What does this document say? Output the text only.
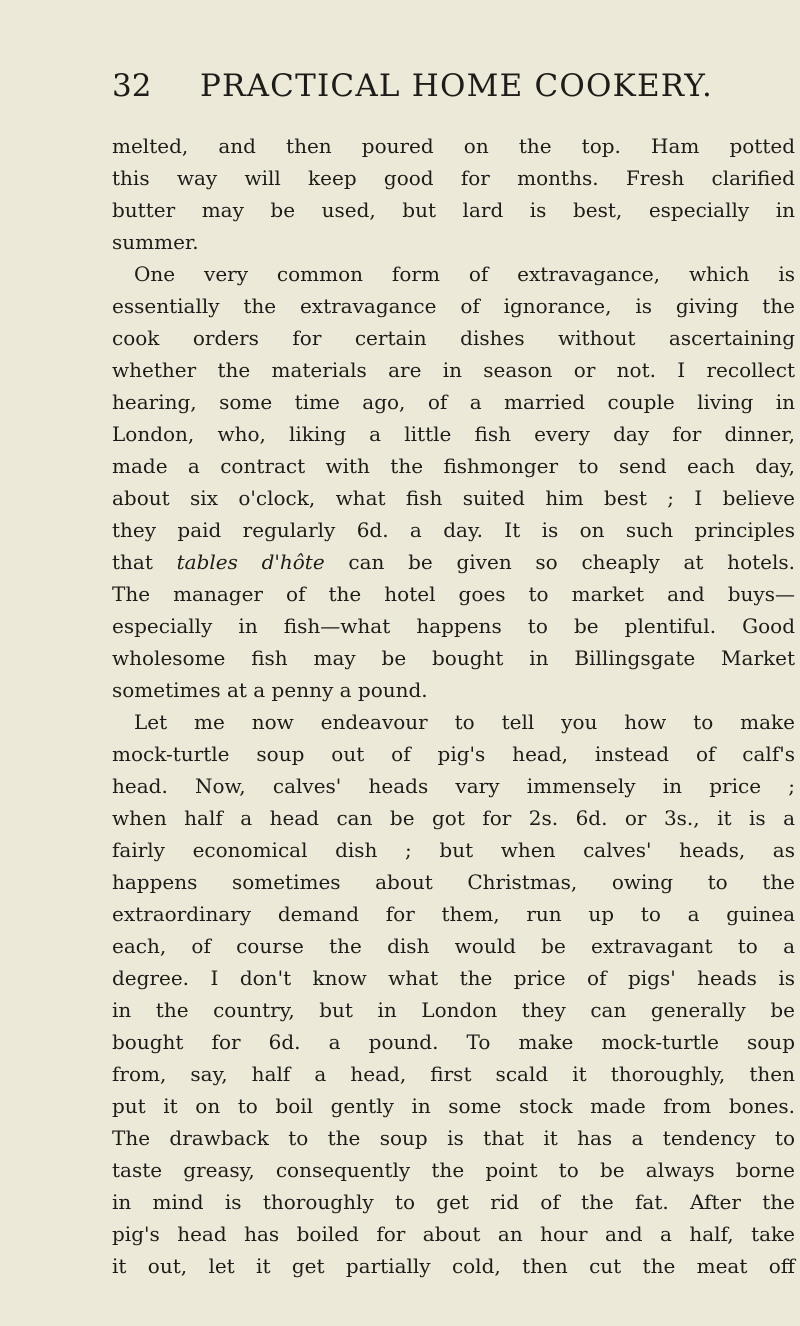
32 PRACTICAL HOME COOKERY.
melted, and then poured on the top. Ham potted
this way will keep good for months. Fresh clarified
butter may be used, but lard is best, especially in
summer.
One very common form of extravagance, which is
essentially the extravagance of ignorance, is giving the
cook orders for certain dishes without ascertaining
whether the materials are in season or not. I recollect
hearing, some time ago, of a married couple living in
London, who, liking a little fish every day for dinner,
made a contract with the fishmonger to send each day,
about six o'clock, what fish suited him best ; I believe
they paid regularly 6d. a day. It is on such principles
that tables d'hôte can be given so cheaply at hotels.
The manager of the hotel goes to market and buys—
especially in fish—what happens to be plentiful. Good
wholesome fish may be bought in Billingsgate Market
sometimes at a penny a pound.
Let me now endeavour to tell you how to make
mock-turtle soup out of pig's head, instead of calf's
head. Now, calves' heads vary immensely in price ;
when half a head can be got for 2s. 6d. or 3s., it is a
fairly economical dish ; but when calves' heads, as
happens sometimes about Christmas, owing to the
extraordinary demand for them, run up to a guinea
each, of course the dish would be extravagant to a
degree. I don't know what the price of pigs' heads is
in the country, but in London they can generally be
bought for 6d. a pound. To make mock-turtle soup
from, say, half a head, first scald it thoroughly, then
put it on to boil gently in some stock made from bones.
The drawback to the soup is that it has a tendency to
taste greasy, consequently the point to be always borne
in mind is thoroughly to get rid of the fat. After the
pig's head has boiled for about an hour and a half, take
it out, let it get partially cold, then cut the meat off
